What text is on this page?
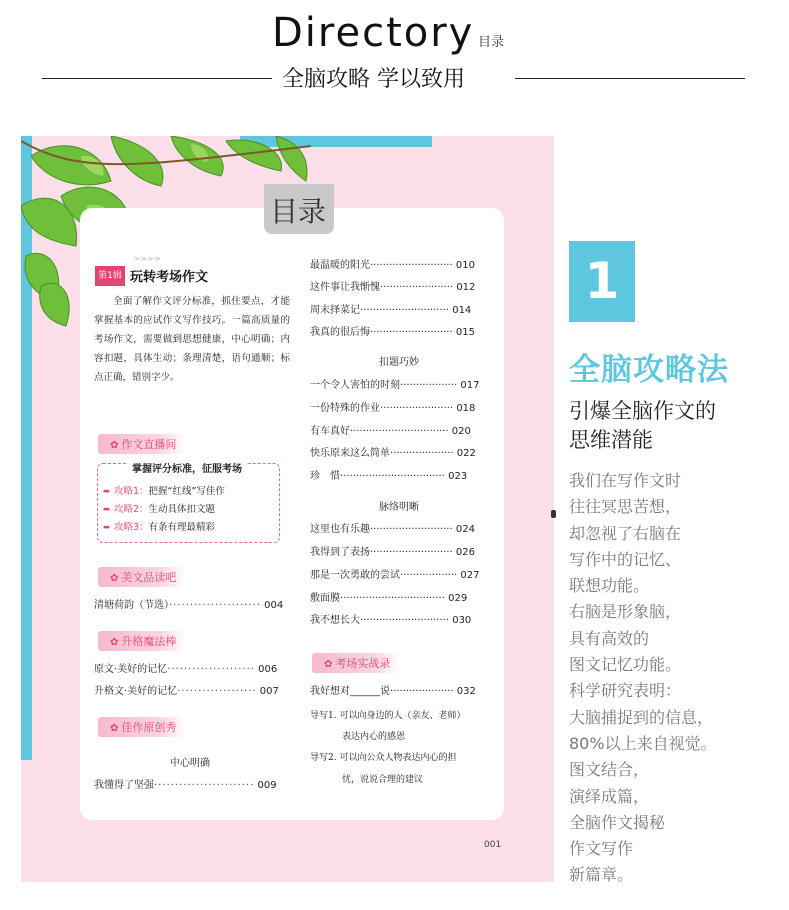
Directory 目录
全脑攻略 学以致用
目录
>>>>
第1辑 玩转考场作文
全面了解作文评分标准，抓住要点，才能掌握基本的应试作文写作技巧。一篇高质量的考场作文，需要做到思想健康，中心明确；内容扣题，具体生动；条理清楚，语句通顺；标点正确，错别字少。
✿ 作文直播间
掌握评分标准，征服考场
➨ 攻略1：把握“红线”写佳作
➨ 攻略2：生动具体扣文题
➨ 攻略3：有条有理最精彩
✿ 美文品读吧
清塘荷韵（节选）······················ 004
✿ 升格魔法棒
原文·美好的记忆····················· 006
升格文·美好的记忆··················· 007
✿ 佳作原创秀
中心明确
我懂得了坚强························ 009
最温暖的阳光·························· 010
这件事让我惭愧······················· 012
周末择菜记···························· 014
我真的很后悔·························· 015
扣题巧妙
一个令人害怕的时刻·················· 017
一份特殊的作业······················· 018
有车真好······························· 020
快乐原来这么简单···················· 022
珍　惜································· 023
脉络明晰
这里也有乐趣·························· 024
我得到了表扬·························· 026
那是一次勇敢的尝试·················· 027
敷面膜································· 029
我不想长大···························· 030
✿ 考场实战录
我好想对______说···················· 032
导写1. 可以向身边的人（亲友、老师）
表达内心的感恩
导写2. 可以向公众人物表达内心的担
忧，说说合理的建议
001
1
全脑攻略法
引爆全脑作文的
思维潜能
我们在写作文时
往往冥思苦想，
却忽视了右脑在
写作中的记忆、
联想功能。
右脑是形象脑，
具有高效的
图文记忆功能。
科学研究表明：
大脑捕捉到的信息，
80%以上来自视觉。
图文结合，
演绎成篇，
全脑作文揭秘
作文写作
新篇章。
